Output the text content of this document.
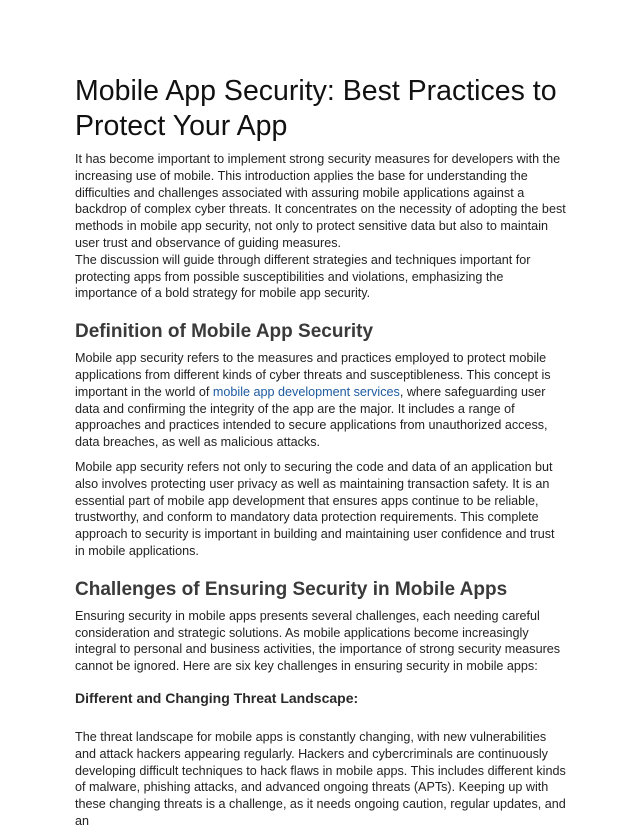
Mobile App Security: Best Practices to Protect Your App

It has become important to implement strong security measures for developers with the increasing use of mobile. This introduction applies the base for understanding the difficulties and challenges associated with assuring mobile applications against a backdrop of complex cyber threats. It concentrates on the necessity of adopting the best methods in mobile app security, not only to protect sensitive data but also to maintain user trust and observance of guiding measures.

The discussion will guide through different strategies and techniques important for protecting apps from possible susceptibilities and violations, emphasizing the importance of a bold strategy for mobile app security.

Definition of Mobile App Security

Mobile app security refers to the measures and practices employed to protect mobile applications from different kinds of cyber threats and susceptibleness. This concept is important in the world of mobile app development services, where safeguarding user data and confirming the integrity of the app are the major. It includes a range of approaches and practices intended to secure applications from unauthorized access, data breaches, as well as malicious attacks.

Mobile app security refers not only to securing the code and data of an application but also involves protecting user privacy as well as maintaining transaction safety. It is an essential part of mobile app development that ensures apps continue to be reliable, trustworthy, and conform to mandatory data protection requirements. This complete approach to security is important in building and maintaining user confidence and trust in mobile applications.

Challenges of Ensuring Security in Mobile Apps

Ensuring security in mobile apps presents several challenges, each needing careful consideration and strategic solutions. As mobile applications become increasingly integral to personal and business activities, the importance of strong security measures cannot be ignored. Here are six key challenges in ensuring security in mobile apps:

Different and Changing Threat Landscape:

The threat landscape for mobile apps is constantly changing, with new vulnerabilities and attack hackers appearing regularly. Hackers and cybercriminals are continuously developing difficult techniques to hack flaws in mobile apps. This includes different kinds of malware, phishing attacks, and advanced ongoing threats (APTs). Keeping up with these changing threats is a challenge, as it needs ongoing caution, regular updates, and an
